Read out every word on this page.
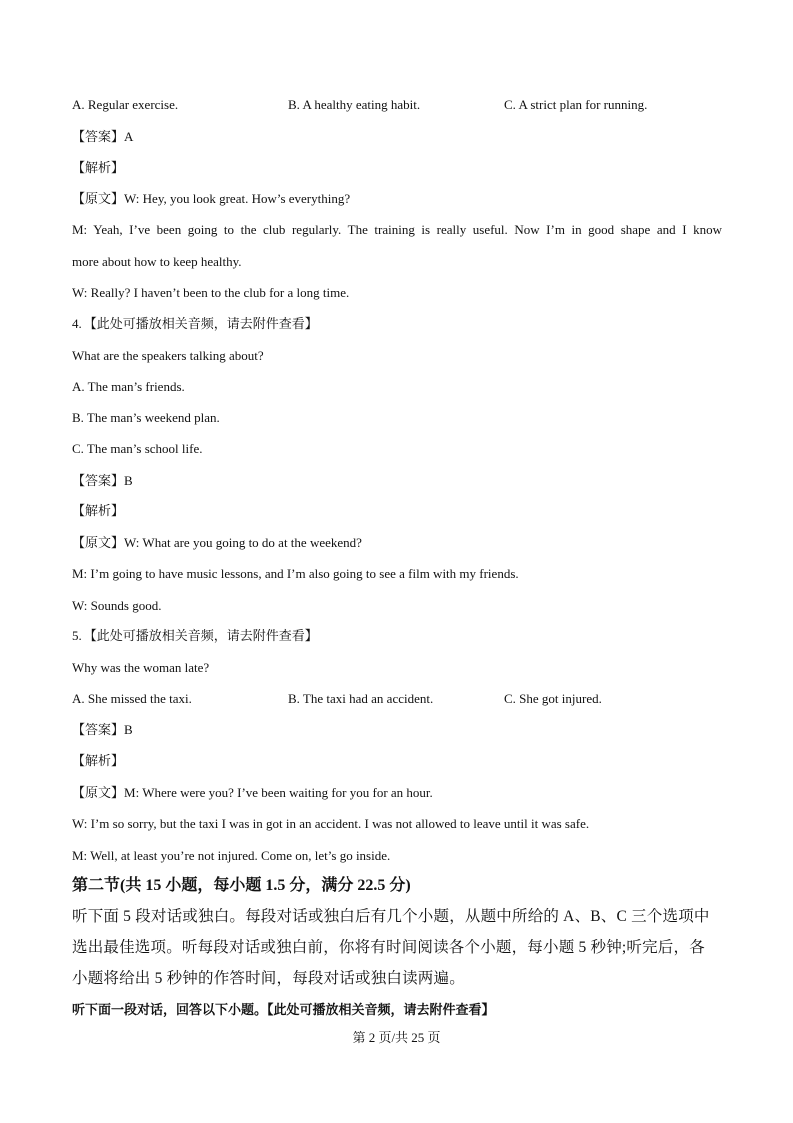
A. Regular exercise.	B. A healthy eating habit.	C. A strict plan for running.
【答案】A
【解析】
【原文】W: Hey, you look great. How’s everything?
M: Yeah, I’ve been going to the club regularly. The training is really useful. Now I’m in good shape and I know
more about how to keep healthy.
W: Really? I haven’t been to the club for a long time.
4. 【此处可播放相关音频，请去附件查看】
What are the speakers talking about?
A. The man’s friends.
B. The man’s weekend plan.
C. The man’s school life.
【答案】B
【解析】
【原文】W: What are you going to do at the weekend?
M: I’m going to have music lessons, and I’m also going to see a film with my friends.
W: Sounds good.
5. 【此处可播放相关音频，请去附件查看】
Why was the woman late?
A. She missed the taxi.	B. The taxi had an accident.	C. She got injured.
【答案】B
【解析】
【原文】M: Where were you? I’ve been waiting for you for an hour.
W: I’m so sorry, but the taxi I was in got in an accident. I was not allowed to leave until it was safe.
M: Well, at least you’re not injured. Come on, let’s go inside.
第二节(共 15 小题，每小题 1.5 分，满分 22.5 分)
听下面 5 段对话或独白。每段对话或独白后有几个小题，从题中所给的 A、B、C 三个选项中
选出最佳选项。听每段对话或独白前，你将有时间阅读各个小题，每小题 5 秒钟;听完后，各
小题将给出 5 秒钟的作答时间，每段对话或独白读两遍。
听下面一段对话，回答以下小题。【此处可播放相关音频，请去附件查看】
第 2 页/共 25 页
